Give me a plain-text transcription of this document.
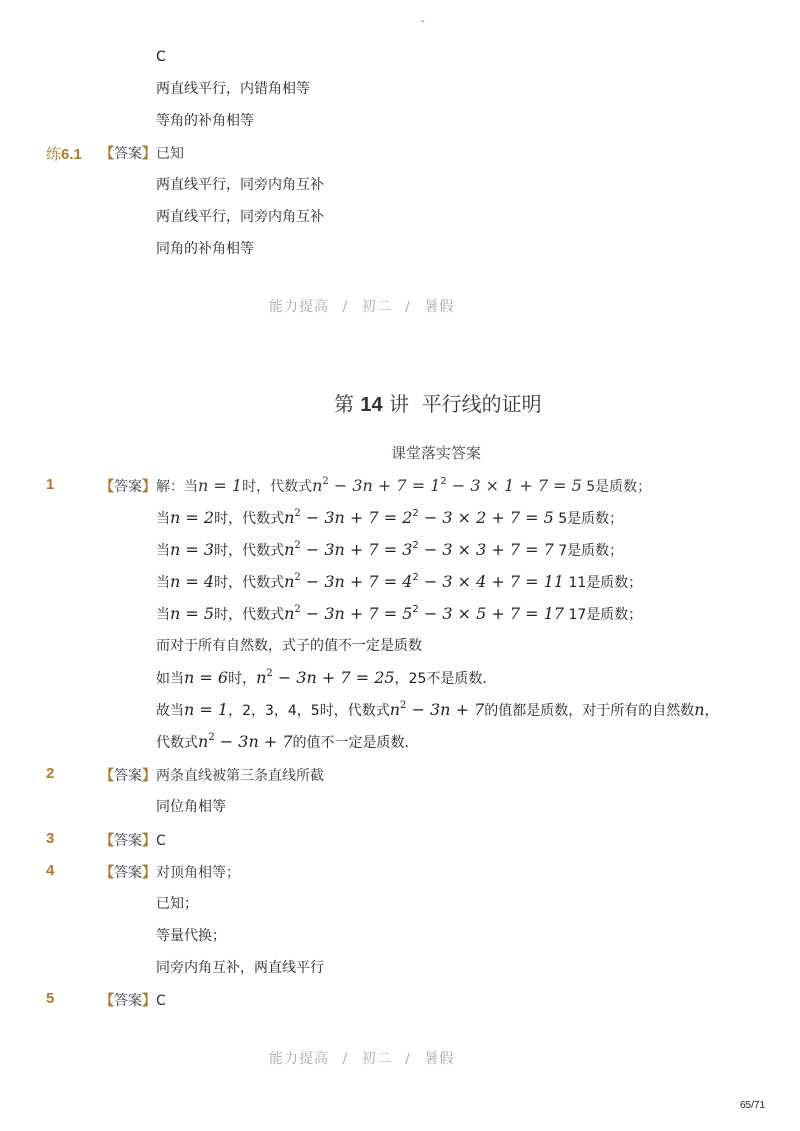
-
C
两直线平行，内错角相等
等角的补角相等
练6.1 【答案】已知
两直线平行，同旁内角互补
两直线平行，同旁内角互补
同角的补角相等
能力提高 / 初二 / 暑假
第 14 讲 平行线的证明
课堂落实答案
1	【答案】解：当n = 1时，代数式$n^2 - 3n + 7 = 1^2 - 3 \times 1 + 7 = 5$ 5是质数；
当n = 2时，代数式$n^2 - 3n + 7 = 2^2 - 3 \times 2 + 7 = 5$ 5是质数；
当n = 3时，代数式$n^2 - 3n + 7 = 3^2 - 3 \times 3 + 7 = 7$ 7是质数；
当n = 4时，代数式$n^2 - 3n + 7 = 4^2 - 3 \times 4 + 7 = 11$ 11是质数；
当n = 5时，代数式$n^2 - 3n + 7 = 5^2 - 3 \times 5 + 7 = 17$ 17是质数；
而对于所有自然数，式子的值不一定是质数
如当n = 6时，$n^2 - 3n + 7 = 25$，25不是质数．
故当n = 1，2，3，4，5时，代数式$n^2 - 3n + 7$的值都是质数，对于所有的自然数n，
代数式$n^2 - 3n + 7$的值不一定是质数．
2	【答案】两条直线被第三条直线所截
同位角相等
3	【答案】C
4	【答案】对顶角相等；
已知；
等量代换；
同旁内角互补，两直线平行
5	【答案】C
能力提高 / 初二 / 暑假
65/71
